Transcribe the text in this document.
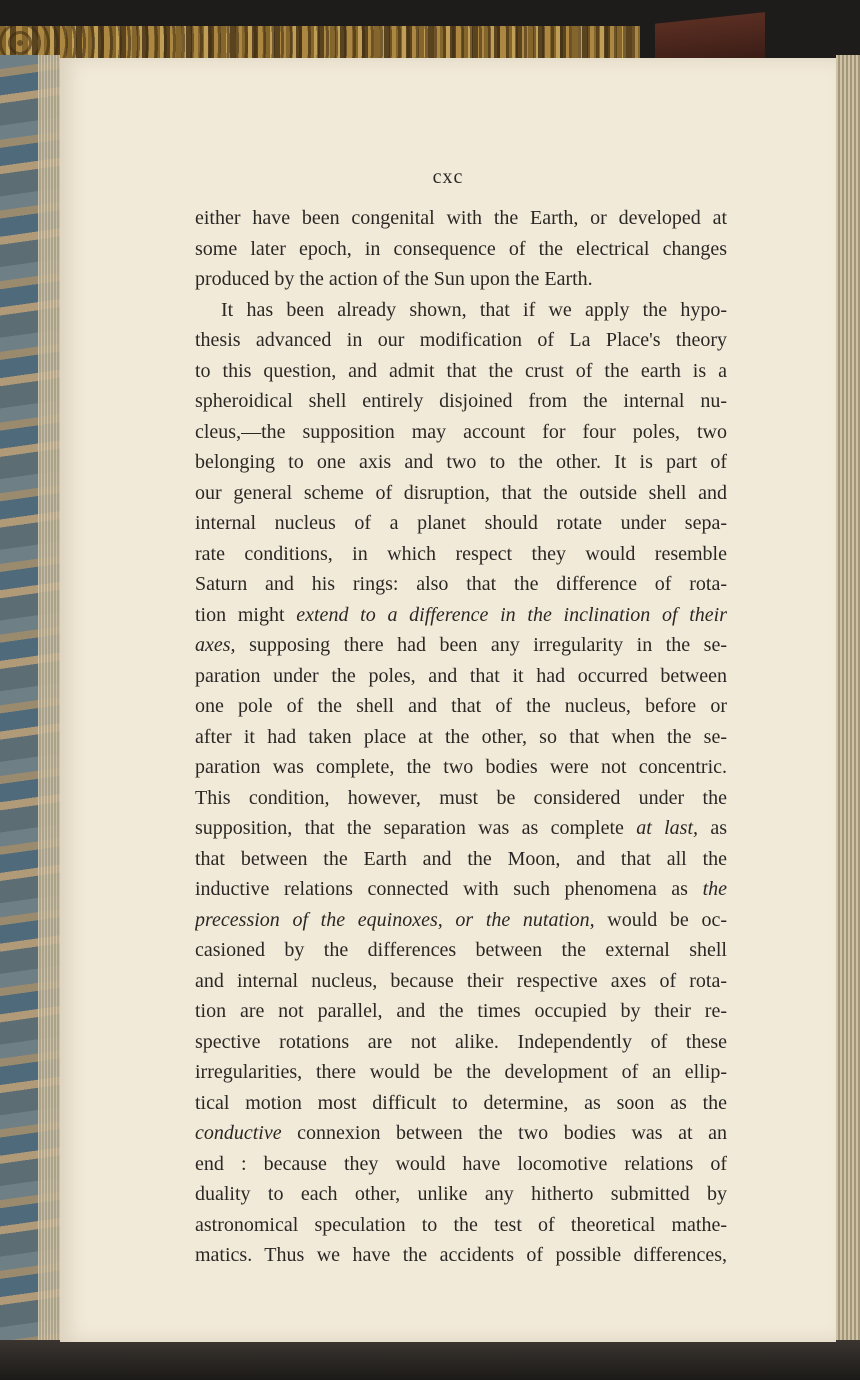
cxc
either have been congenital with the Earth, or developed at
some later epoch, in consequence of the electrical changes
produced by the action of the Sun upon the Earth.
It has been already shown, that if we apply the hypo-
thesis advanced in our modification of La Place's theory
to this question, and admit that the crust of the earth is a
spheroidical shell entirely disjoined from the internal nu-
cleus,—the supposition may account for four poles, two
belonging to one axis and two to the other. It is part of
our general scheme of disruption, that the outside shell and
internal nucleus of a planet should rotate under sepa-
rate conditions, in which respect they would resemble
Saturn and his rings: also that the difference of rota-
tion might extend to a difference in the inclination of their
axes, supposing there had been any irregularity in the se-
paration under the poles, and that it had occurred between
one pole of the shell and that of the nucleus, before or
after it had taken place at the other, so that when the se-
paration was complete, the two bodies were not concentric.
This condition, however, must be considered under the
supposition, that the separation was as complete at last, as
that between the Earth and the Moon, and that all the
inductive relations connected with such phenomena as the
precession of the equinoxes, or the nutation, would be oc-
casioned by the differences between the external shell
and internal nucleus, because their respective axes of rota-
tion are not parallel, and the times occupied by their re-
spective rotations are not alike. Independently of these
irregularities, there would be the development of an ellip-
tical motion most difficult to determine, as soon as the
conductive connexion between the two bodies was at an
end : because they would have locomotive relations of
duality to each other, unlike any hitherto submitted by
astronomical speculation to the test of theoretical mathe-
matics. Thus we have the accidents of possible differences,
